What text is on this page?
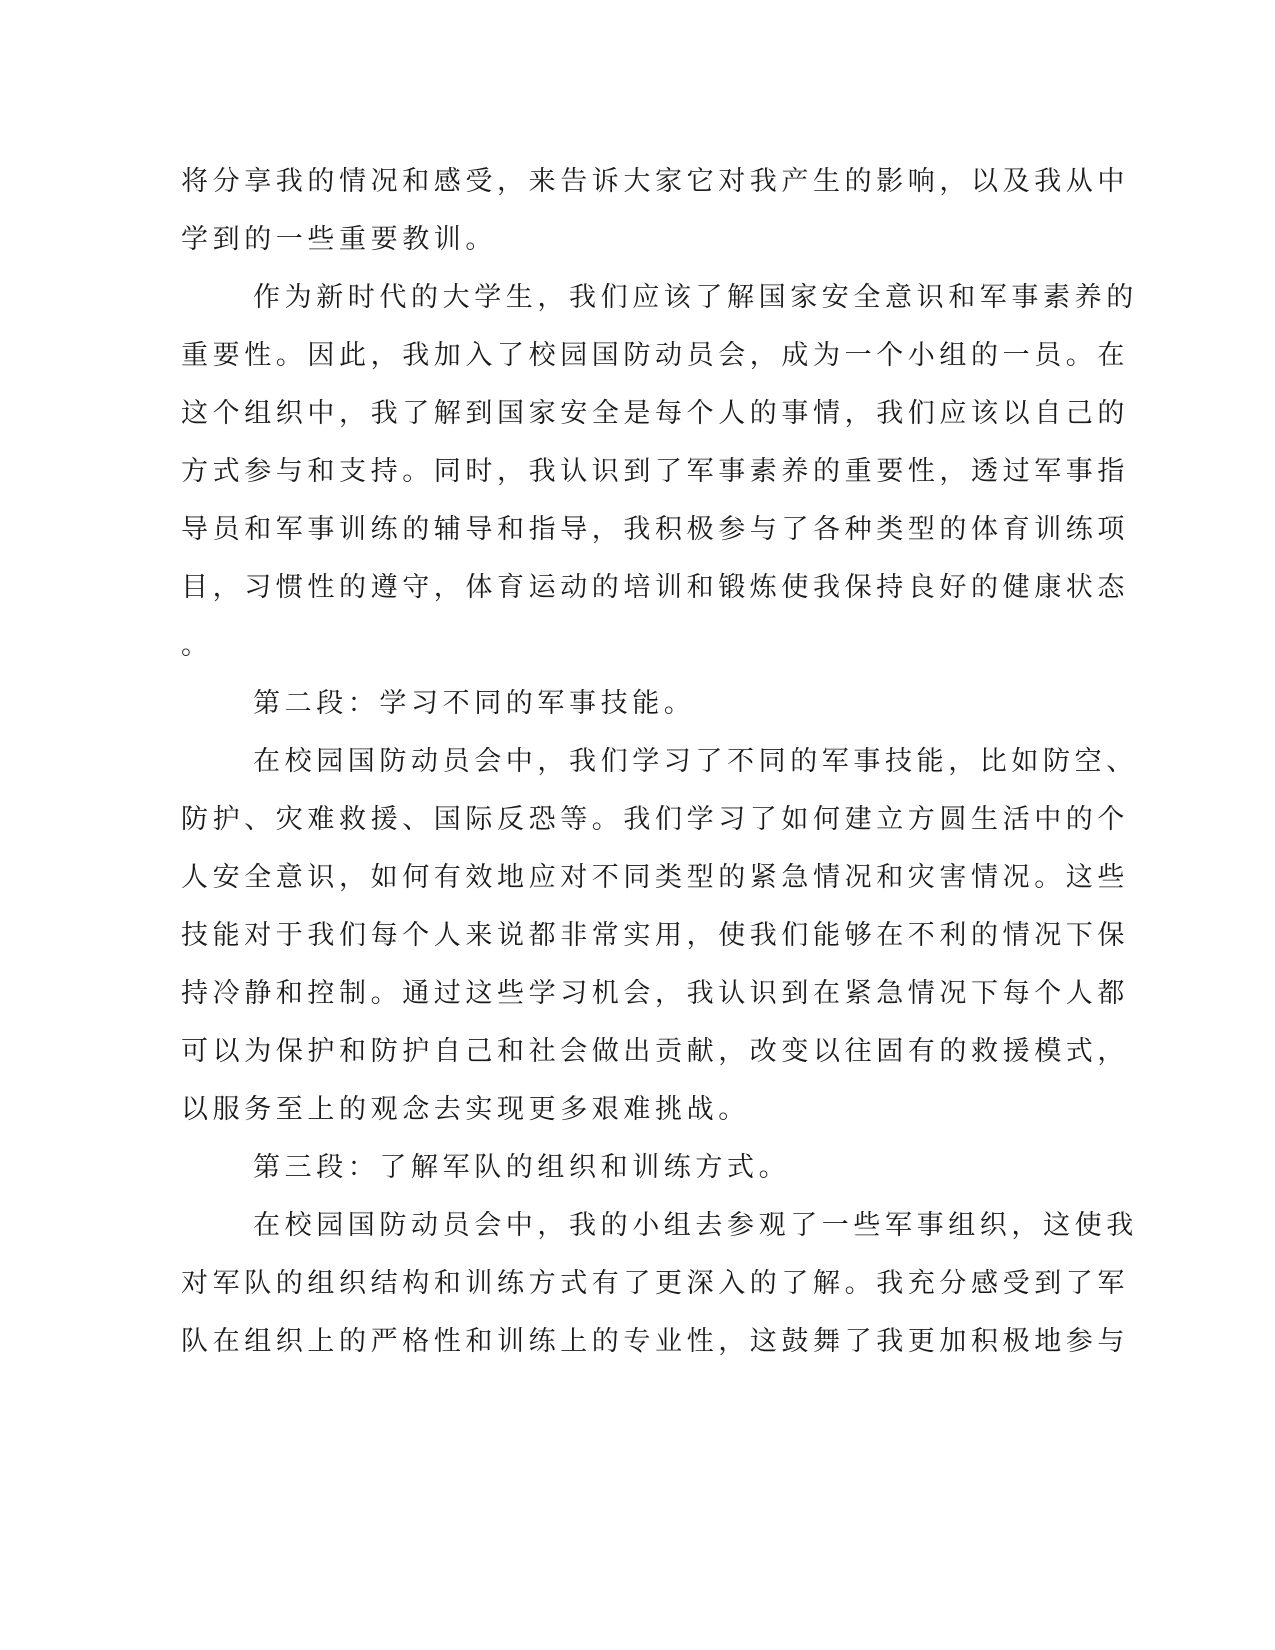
将分享我的情况和感受，来告诉大家它对我产生的影响，以及我从中
学到的一些重要教训。
作为新时代的大学生，我们应该了解国家安全意识和军事素养的
重要性。因此，我加入了校园国防动员会，成为一个小组的一员。在
这个组织中，我了解到国家安全是每个人的事情，我们应该以自己的
方式参与和支持。同时，我认识到了军事素养的重要性，透过军事指
导员和军事训练的辅导和指导，我积极参与了各种类型的体育训练项
目，习惯性的遵守，体育运动的培训和锻炼使我保持良好的健康状态
。
第二段：学习不同的军事技能。
在校园国防动员会中，我们学习了不同的军事技能，比如防空、
防护、灾难救援、国际反恐等。我们学习了如何建立方圆生活中的个
人安全意识，如何有效地应对不同类型的紧急情况和灾害情况。这些
技能对于我们每个人来说都非常实用，使我们能够在不利的情况下保
持冷静和控制。通过这些学习机会，我认识到在紧急情况下每个人都
可以为保护和防护自己和社会做出贡献，改变以往固有的救援模式，
以服务至上的观念去实现更多艰难挑战。
第三段：了解军队的组织和训练方式。
在校园国防动员会中，我的小组去参观了一些军事组织，这使我
对军队的组织结构和训练方式有了更深入的了解。我充分感受到了军
队在组织上的严格性和训练上的专业性，这鼓舞了我更加积极地参与
